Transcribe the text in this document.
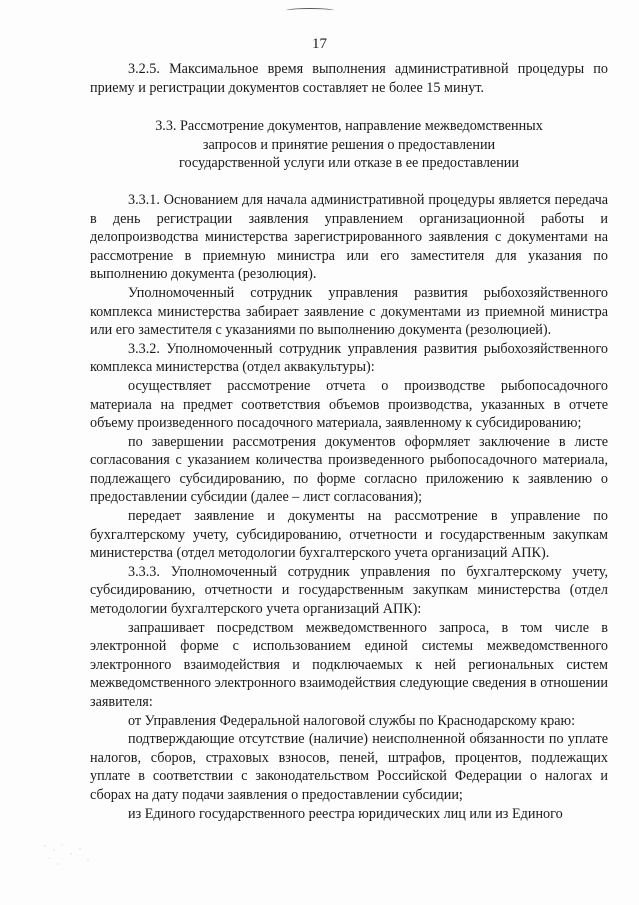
17

3.2.5. Максимальное время выполнения административной процедуры по приему и регистрации документов составляет не более 15 минут.

3.3. Рассмотрение документов, направление межведомственных
запросов и принятие решения о предоставлении
государственной услуги или отказе в ее предоставлении

3.3.1. Основанием для начала административной процедуры является передача в день регистрации заявления управлением организационной работы и делопроизводства министерства зарегистрированного заявления с документами на рассмотрение в приемную министра или его заместителя для указания по выполнению документа (резолюция).

Уполномоченный сотрудник управления развития рыбохозяйственного комплекса министерства забирает заявление с документами из приемной министра или его заместителя с указаниями по выполнению документа (резолюцией).

3.3.2. Уполномоченный сотрудник управления развития рыбохозяйственного комплекса министерства (отдел аквакультуры):

осуществляет рассмотрение отчета о производстве рыбопосадочного материала на предмет соответствия объемов производства, указанных в отчете объему произведенного посадочного материала, заявленному к субсидированию;

по завершении рассмотрения документов оформляет заключение в листе согласования с указанием количества произведенного рыбопосадочного материала, подлежащего субсидированию, по форме согласно приложению к заявлению о предоставлении субсидии (далее – лист согласования);

передает заявление и документы на рассмотрение в управление по бухгалтерскому учету, субсидированию, отчетности и государственным закупкам министерства (отдел методологии бухгалтерского учета организаций АПК).

3.3.3. Уполномоченный сотрудник управления по бухгалтерскому учету, субсидированию, отчетности и государственным закупкам министерства (отдел методологии бухгалтерского учета организаций АПК):

запрашивает посредством межведомственного запроса, в том числе в электронной форме с использованием единой системы межведомственного электронного взаимодействия и подключаемых к ней региональных систем межведомственного электронного взаимодействия следующие сведения в отношении заявителя:

от Управления Федеральной налоговой службы по Краснодарскому краю:

подтверждающие отсутствие (наличие) неисполненной обязанности по уплате налогов, сборов, страховых взносов, пеней, штрафов, процентов, подлежащих уплате в соответствии с законодательством Российской Федерации о налогах и сборах на дату подачи заявления о предоставлении субсидии;

из Единого государственного реестра юридических лиц или из Единого
